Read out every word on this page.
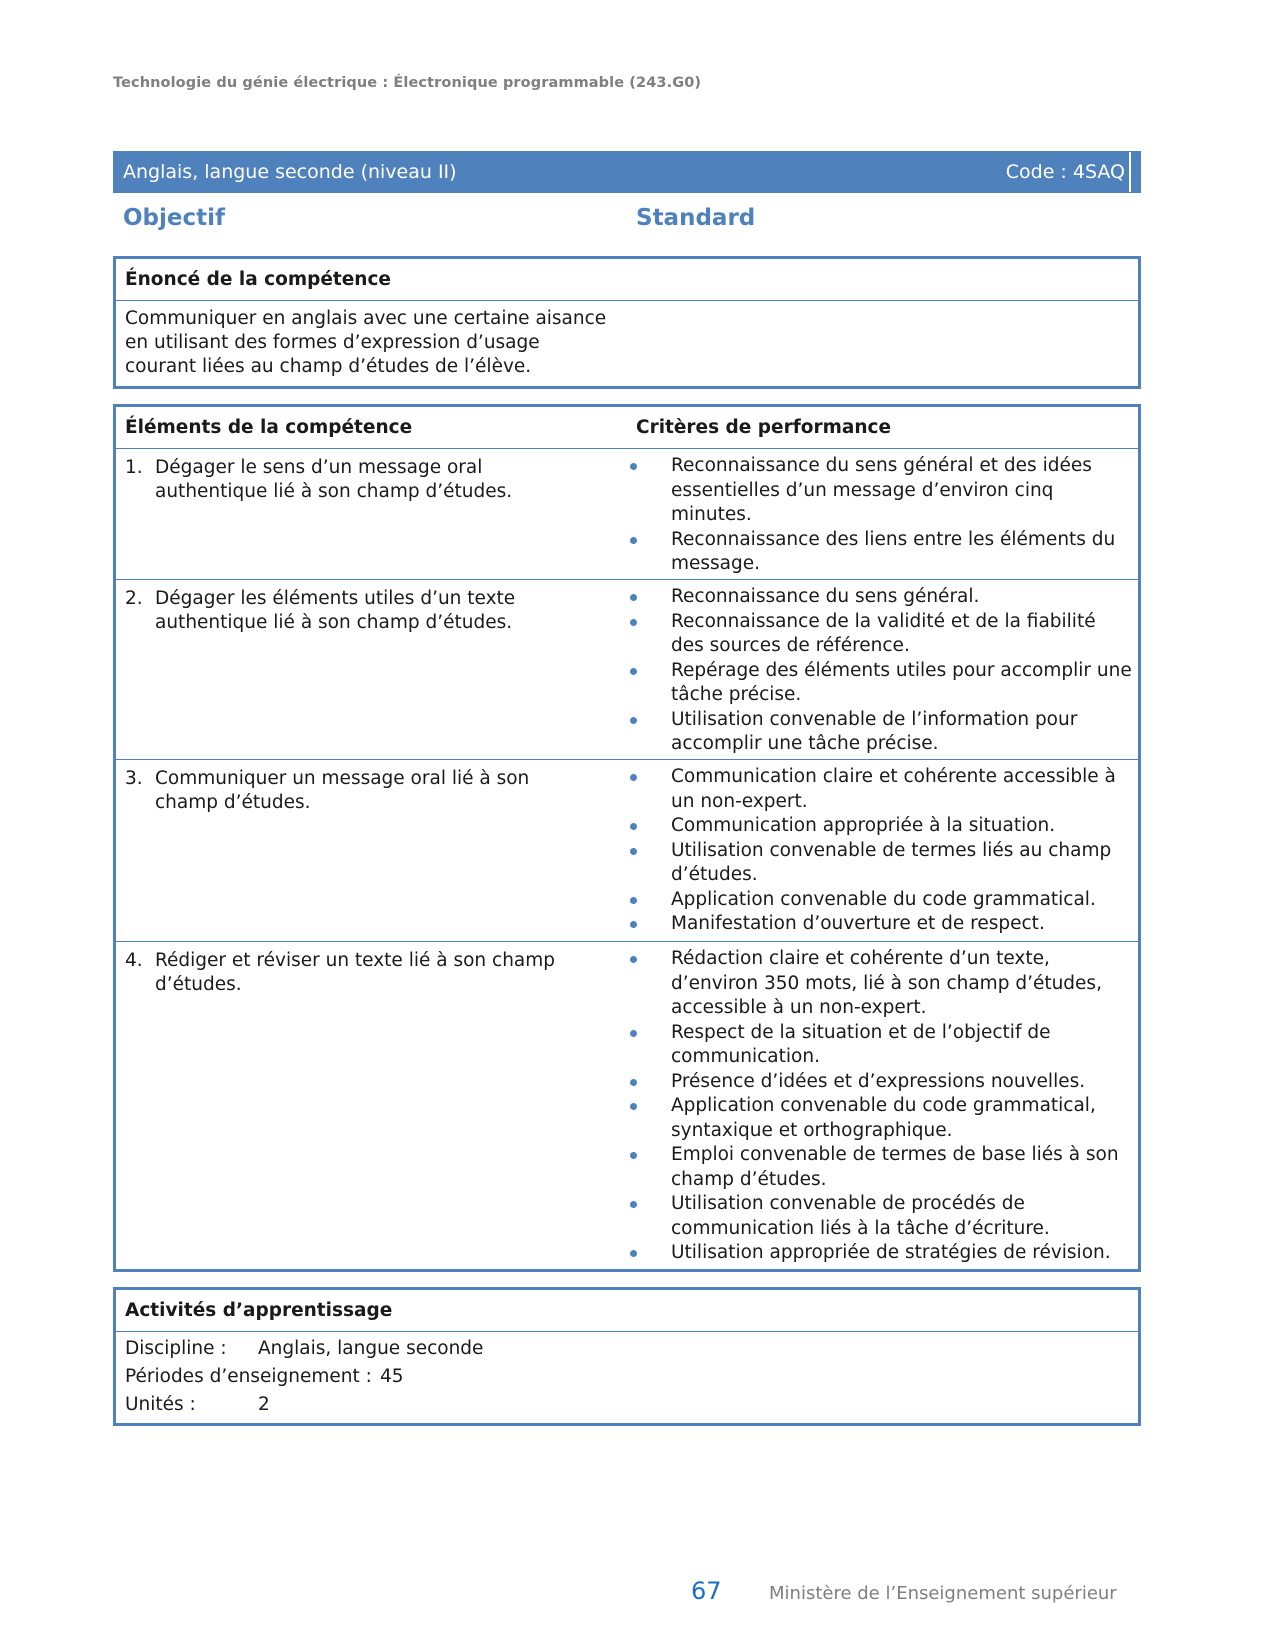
Technologie du génie électrique : Électronique programmable (243.G0)
Anglais, langue seconde (niveau II)	Code : 4SAQ
Objectif	Standard
Énoncé de la compétence
Communiquer en anglais avec une certaine aisance en utilisant des formes d’expression d’usage courant liées au champ d’études de l’élève.
Éléments de la compétence	Critères de performance
1. Dégager le sens d’un message oral authentique lié à son champ d’études.
Reconnaissance du sens général et des idées essentielles d’un message d’environ cinq minutes.
Reconnaissance des liens entre les éléments du message.
2. Dégager les éléments utiles d’un texte authentique lié à son champ d’études.
Reconnaissance du sens général.
Reconnaissance de la validité et de la fiabilité des sources de référence.
Repérage des éléments utiles pour accomplir une tâche précise.
Utilisation convenable de l’information pour accomplir une tâche précise.
3. Communiquer un message oral lié à son champ d’études.
Communication claire et cohérente accessible à un non-expert.
Communication appropriée à la situation.
Utilisation convenable de termes liés au champ d’études.
Application convenable du code grammatical.
Manifestation d’ouverture et de respect.
4. Rédiger et réviser un texte lié à son champ d’études.
Rédaction claire et cohérente d’un texte, d’environ 350 mots, lié à son champ d’études, accessible à un non-expert.
Respect de la situation et de l’objectif de communication.
Présence d’idées et d’expressions nouvelles.
Application convenable du code grammatical, syntaxique et orthographique.
Emploi convenable de termes de base liés à son champ d’études.
Utilisation convenable de procédés de communication liés à la tâche d’écriture.
Utilisation appropriée de stratégies de révision.
Activités d’apprentissage
Discipline :	Anglais, langue seconde
Périodes d’enseignement : 45
Unités :	2
67	Ministère de l’Enseignement supérieur
